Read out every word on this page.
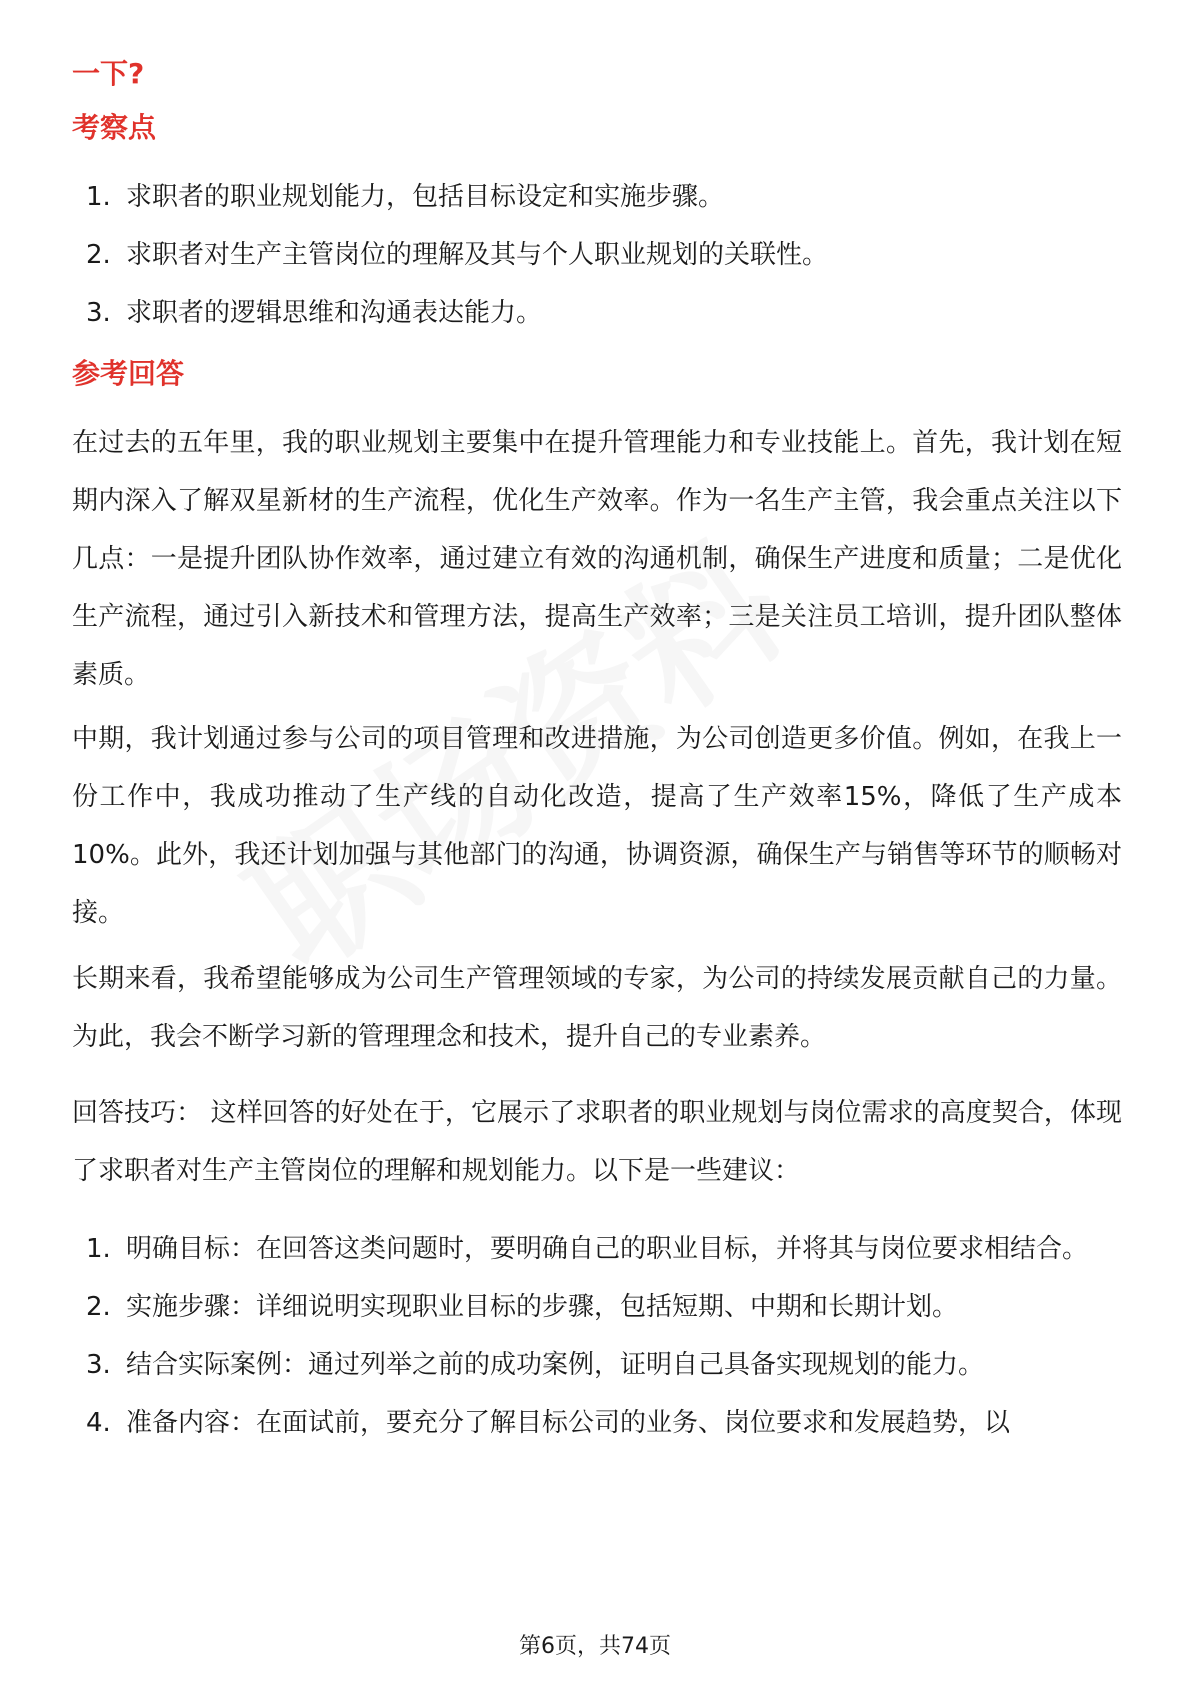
一下?
考察点
1. 求职者的职业规划能力，包括目标设定和实施步骤。
2. 求职者对生产主管岗位的理解及其与个人职业规划的关联性。
3. 求职者的逻辑思维和沟通表达能力。
参考回答

在过去的五年里，我的职业规划主要集中在提升管理能力和专业技能上。首先，我计划在短期内深入了解双星新材的生产流程，优化生产效率。作为一名生产主管，我会重点关注以下几点：一是提升团队协作效率，通过建立有效的沟通机制，确保生产进度和质量；二是优化生产流程，通过引入新技术和管理方法，提高生产效率；三是关注员工培训，提升团队整体素质。

中期，我计划通过参与公司的项目管理和改进措施，为公司创造更多价值。例如，在我上一份工作中，我成功推动了生产线的自动化改造，提高了生产效率15%，降低了生产成本10%。此外，我还计划加强与其他部门的沟通，协调资源，确保生产与销售等环节的顺畅对接。

长期来看，我希望能够成为公司生产管理领域的专家，为公司的持续发展贡献自己的力量。为此，我会不断学习新的管理理念和技术，提升自己的专业素养。

回答技巧： 这样回答的好处在于，它展示了求职者的职业规划与岗位需求的高度契合，体现了求职者对生产主管岗位的理解和规划能力。以下是一些建议：

1. 明确目标：在回答这类问题时，要明确自己的职业目标，并将其与岗位要求相结合。
2. 实施步骤：详细说明实现职业目标的步骤，包括短期、中期和长期计划。
3. 结合实际案例：通过列举之前的成功案例，证明自己具备实现规划的能力。
4. 准备内容：在面试前，要充分了解目标公司的业务、岗位要求和发展趋势，以
第6页，共74页
